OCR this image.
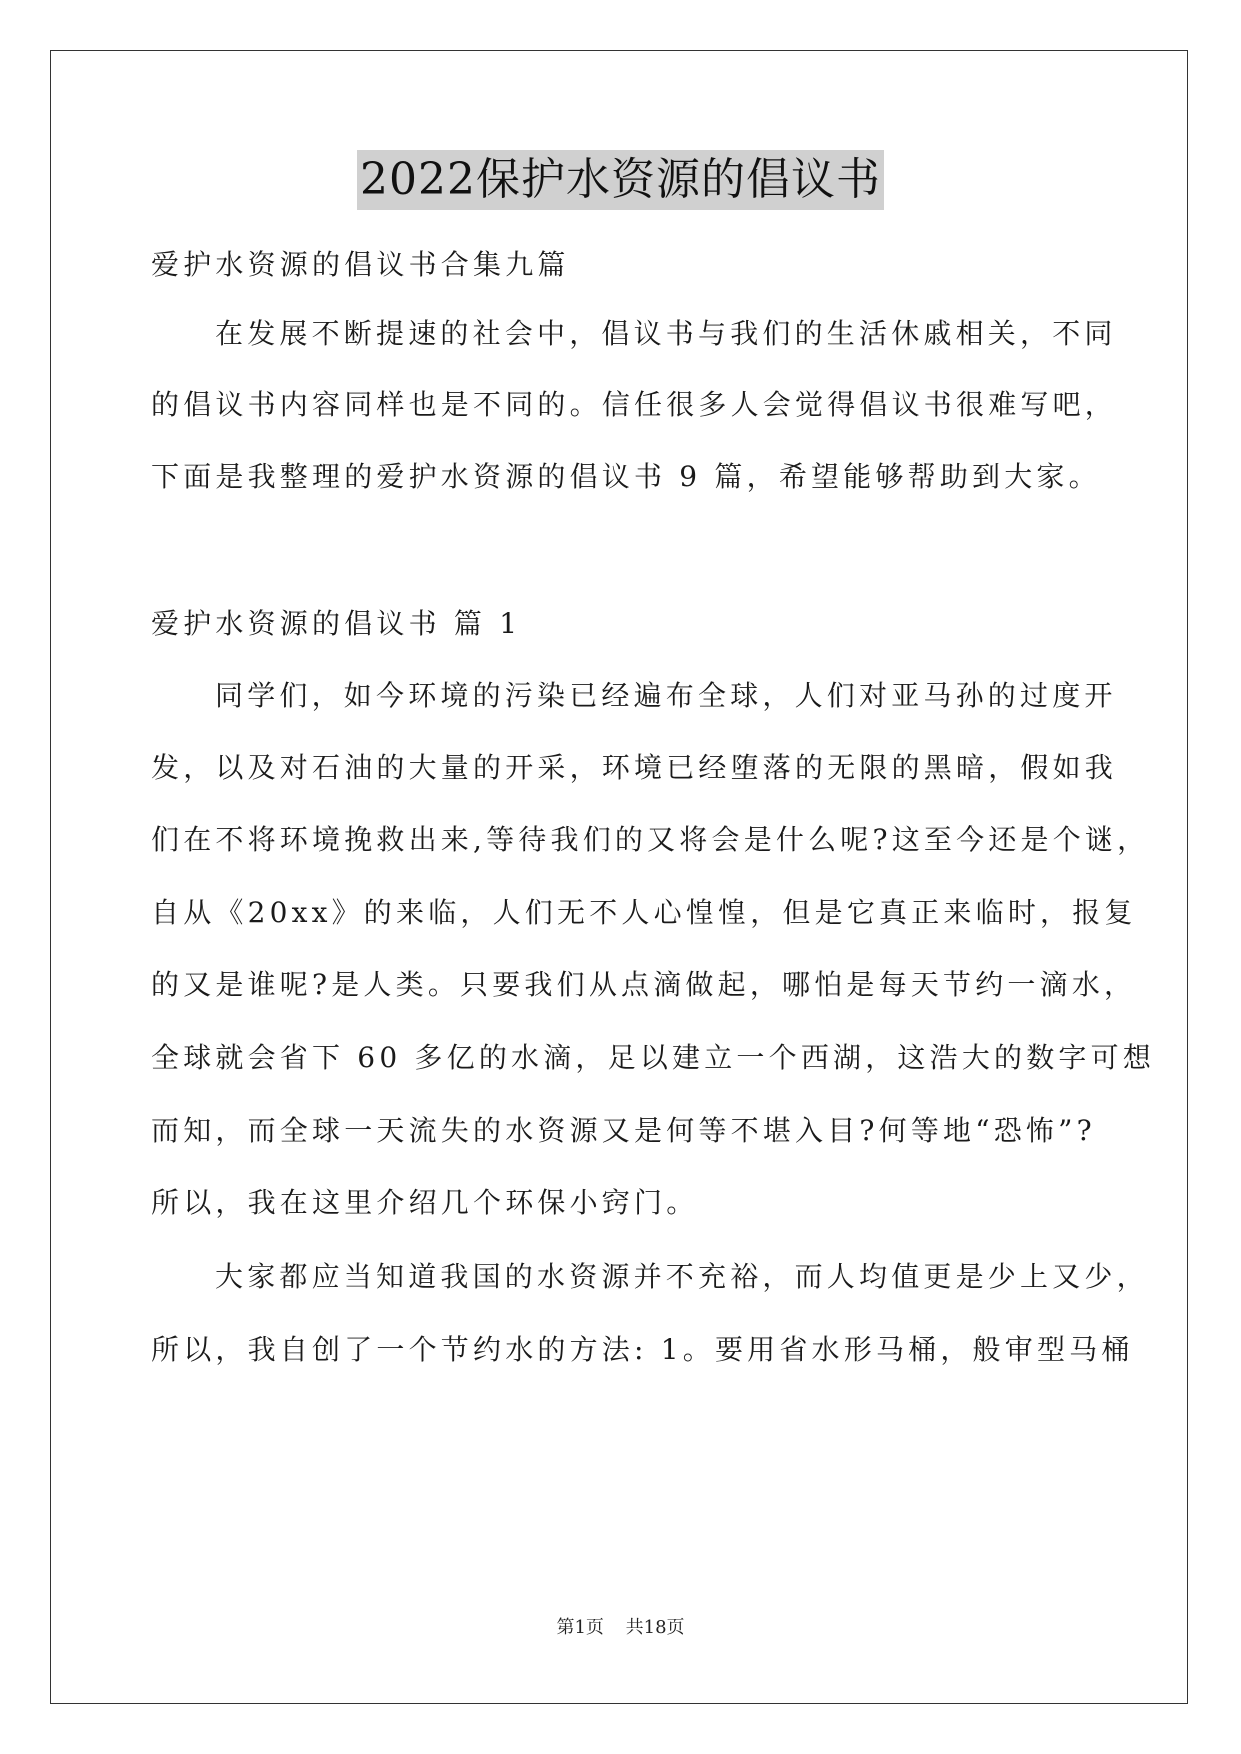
2022保护水资源的倡议书
爱护水资源的倡议书合集九篇
在发展不断提速的社会中，倡议书与我们的生活休戚相关，不同
的倡议书内容同样也是不同的。信任很多人会觉得倡议书很难写吧，
下面是我整理的爱护水资源的倡议书 9 篇，希望能够帮助到大家。
爱护水资源的倡议书 篇 1
同学们，如今环境的污染已经遍布全球，人们对亚马孙的过度开
发，以及对石油的大量的开采，环境已经堕落的无限的黑暗，假如我
们在不将环境挽救出来,等待我们的又将会是什么呢?这至今还是个谜，
自从《20xx》的来临，人们无不人心惶惶，但是它真正来临时，报复
的又是谁呢?是人类。只要我们从点滴做起，哪怕是每天节约一滴水，
全球就会省下 60 多亿的水滴，足以建立一个西湖，这浩大的数字可想
而知，而全球一天流失的水资源又是何等不堪入目?何等地“恐怖”?
所以，我在这里介绍几个环保小窍门。
大家都应当知道我国的水资源并不充裕，而人均值更是少上又少，
所以，我自创了一个节约水的方法: 1。要用省水形马桶，般审型马桶
第1页 共18页
